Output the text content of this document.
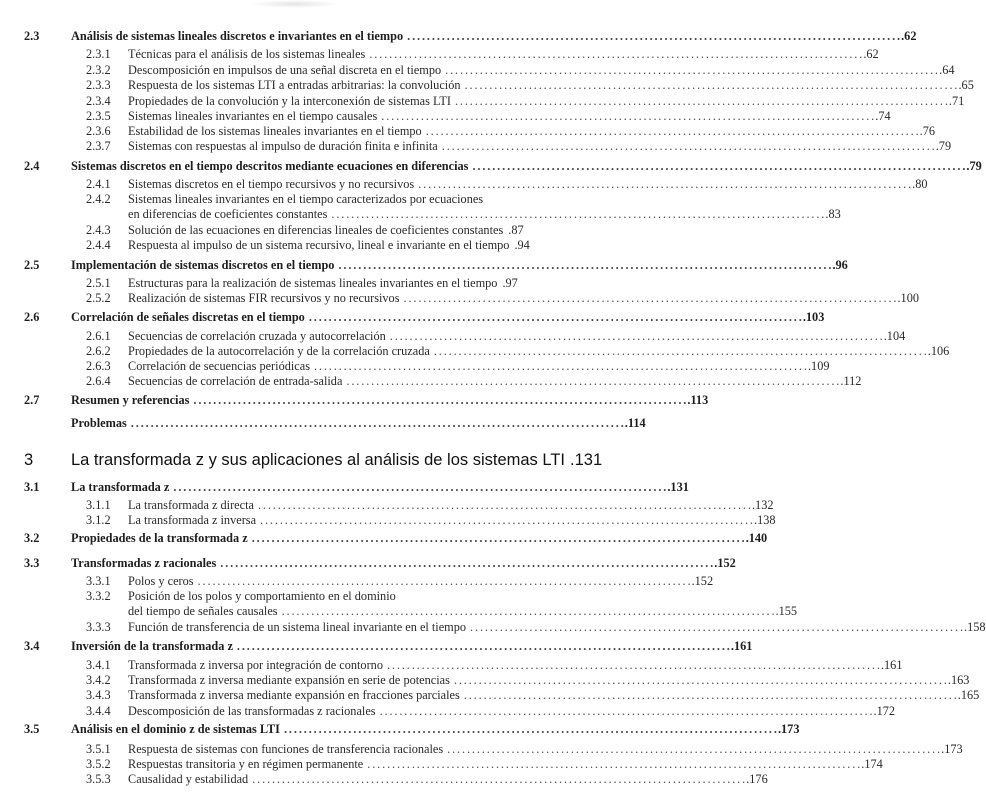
2.3	Análisis de sistemas lineales discretos e invariantes en el tiempo . . .	.62
2.3.1 Técnicas para el análisis de los sistemas lineales . . .	.62
2.3.2 Descomposición en impulsos de una señal discreta en el tiempo . . .	.64
2.3.3 Respuesta de los sistemas LTI a entradas arbitrarias: la convolución . . .	.65
2.3.4 Propiedades de la convolución y la interconexión de sistemas LTI . . .	.71
2.3.5 Sistemas lineales invariantes en el tiempo causales . . .	.74
2.3.6 Estabilidad de los sistemas lineales invariantes en el tiempo . . .	.76
2.3.7 Sistemas con respuestas al impulso de duración finita e infinita . . .	.79
2.4	Sistemas discretos en el tiempo descritos mediante ecuaciones en diferencias . . .	.79
2.4.1 Sistemas discretos en el tiempo recursivos y no recursivos . . .	.80
2.4.2 Sistemas lineales invariantes en el tiempo caracterizados por ecuaciones
en diferencias de coeficientes constantes . . .	.83
2.4.3 Solución de las ecuaciones en diferencias lineales de coeficientes constantes .87
2.4.4 Respuesta al impulso de un sistema recursivo, lineal e invariante en el tiempo .94
2.5	Implementación de sistemas discretos en el tiempo . . .	.96
2.5.1 Estructuras para la realización de sistemas lineales invariantes en el tiempo .97
2.5.2 Realización de sistemas FIR recursivos y no recursivos . . .	.100
2.6	Correlación de señales discretas en el tiempo . . .	.103
2.6.1 Secuencias de correlación cruzada y autocorrelación . . .	.104
2.6.2 Propiedades de la autocorrelación y de la correlación cruzada . . .	.106
2.6.3 Correlación de secuencias periódicas . . .	.109
2.6.4 Secuencias de correlación de entrada-salida . . .	.112
2.7	Resumen y referencias . . .	.113
Problemas . . .	.114
3 La transformada z y sus aplicaciones al análisis de los sistemas LTI .131
3.1	La transformada z . . .	.131
3.1.1 La transformada z directa . . .	.132
3.1.2 La transformada z inversa . . .	.138
3.2	Propiedades de la transformada z . . .	.140
3.3	Transformadas z racionales . . .	.152
3.3.1 Polos y ceros . . .	.152
3.3.2 Posición de los polos y comportamiento en el dominio
del tiempo de señales causales . . .	.155
3.3.3 Función de transferencia de un sistema lineal invariante en el tiempo . . .	.158
3.4	Inversión de la transformada z . . .	.161
3.4.1 Transformada z inversa por integración de contorno . . .	.161
3.4.2 Transformada z inversa mediante expansión en serie de potencias . . .	.163
3.4.3 Transformada z inversa mediante expansión en fracciones parciales . . .	.165
3.4.4 Descomposición de las transformadas z racionales . . .	.172
3.5	Análisis en el dominio z de sistemas LTI . . .	.173
3.5.1 Respuesta de sistemas con funciones de transferencia racionales . . .	.173
3.5.2 Respuestas transitoria y en régimen permanente . . .	.174
3.5.3 Causalidad y estabilidad . . .	.176
